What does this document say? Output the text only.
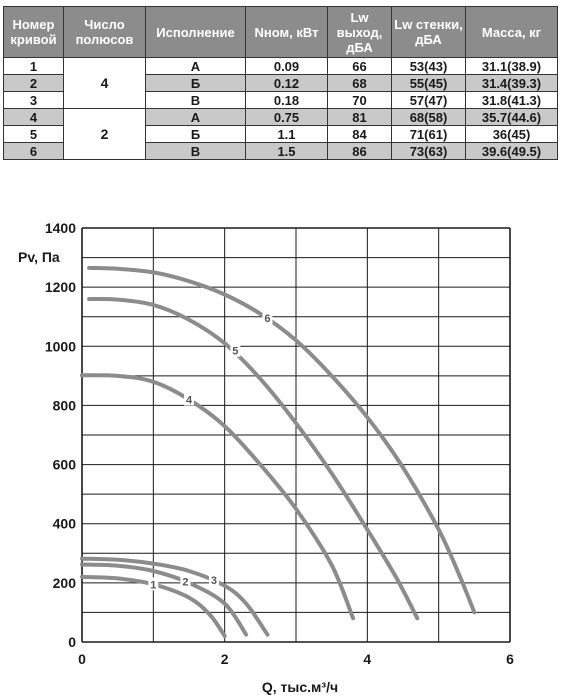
Номер кривой	Число полюсов	Исполнение	Nном, кВт	Lw выход, дБА	Lw стенки, дБА	Масса, кг
1	4	А	0.09	66	53(43)	31.1(38.9)
2		Б	0.12	68	55(45)	31.4(39.3)
3		В	0.18	70	57(47)	31.8(41.3)
4	2	А	0.75	81	68(58)	35.7(44.6)
5		Б	1.1	84	71(61)	36(45)
6		В	1.5	86	73(63)	39.6(49.5)
1 2 3
4
5
6
0
200
400
600
800
1000
1200
1400
0	2	4	6
Pv, Па
Q, тыс.м³/ч
